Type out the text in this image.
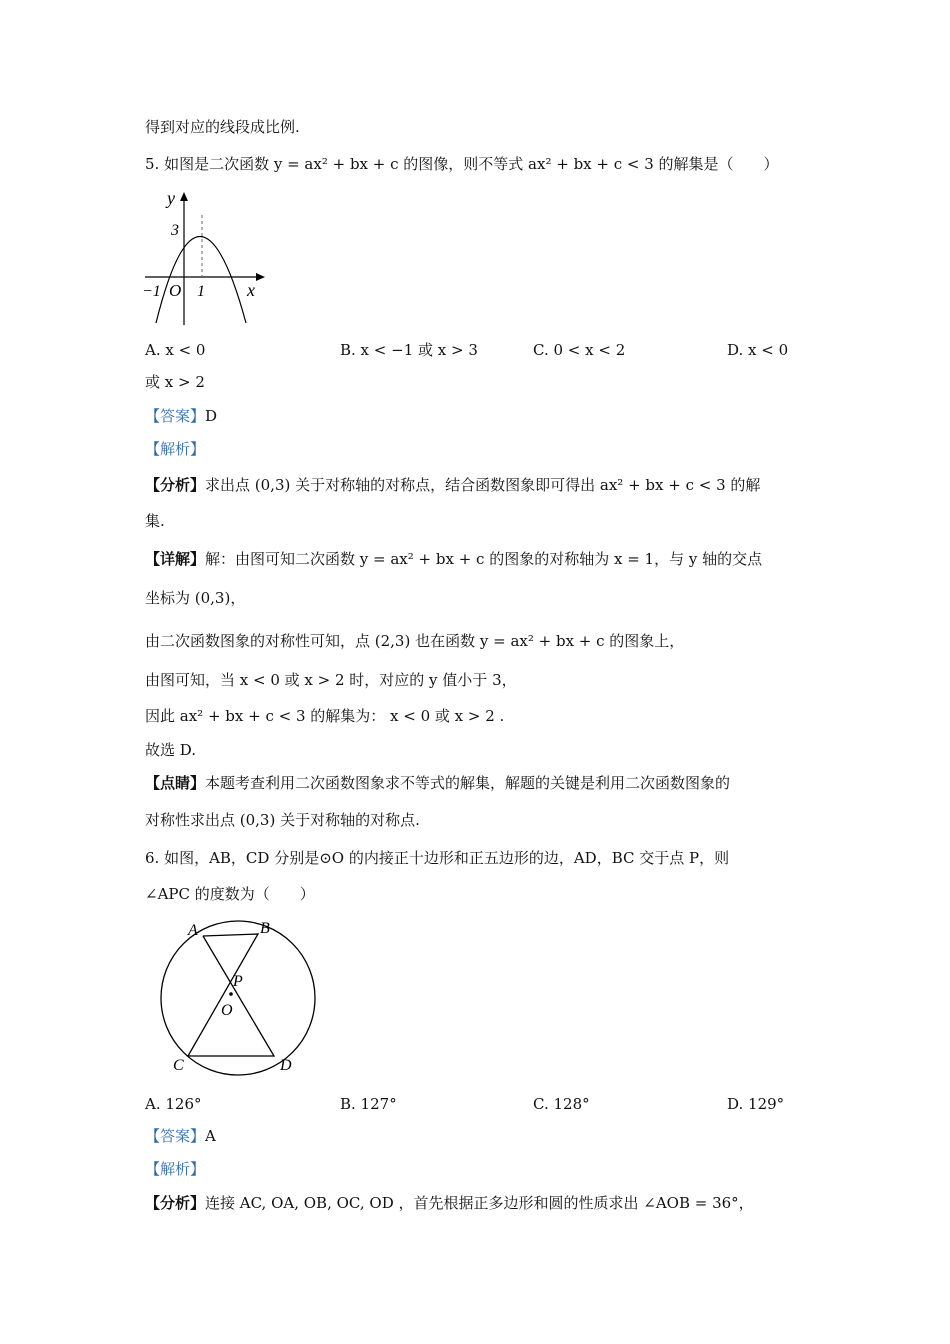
得到对应的线段成比例.
5. 如图是二次函数 y = ax² + bx + c 的图像，则不等式 ax² + bx + c < 3 的解集是（　　）
y
3
−1 O 1 x
A. x < 0	B. x < −1 或 x > 3	C. 0 < x < 2	D. x < 0
或 x > 2
【答案】D
【解析】
【分析】求出点 (0,3) 关于对称轴的对称点，结合函数图象即可得出 ax² + bx + c < 3 的解
集.
【详解】解：由图可知二次函数 y = ax² + bx + c 的图象的对称轴为 x = 1，与 y 轴的交点
坐标为 (0,3)，
由二次函数图象的对称性可知，点 (2,3) 也在函数 y = ax² + bx + c 的图象上，
由图可知，当 x < 0 或 x > 2 时，对应的 y 值小于 3，
因此 ax² + bx + c < 3 的解集为： x < 0 或 x > 2 .
故选 D.
【点睛】本题考查利用二次函数图象求不等式的解集，解题的关键是利用二次函数图象的
对称性求出点 (0,3) 关于对称轴的对称点.
6. 如图，AB，CD 分别是⊙O 的内接正十边形和正五边形的边，AD，BC 交于点 P，则
∠APC 的度数为（　　）
A	B
C	D
P
O
A. 126°	B. 127°	C. 128°	D. 129°
【答案】A
【解析】
【分析】连接 AC, OA, OB, OC, OD ，首先根据正多边形和圆的性质求出 ∠AOB = 36°，
